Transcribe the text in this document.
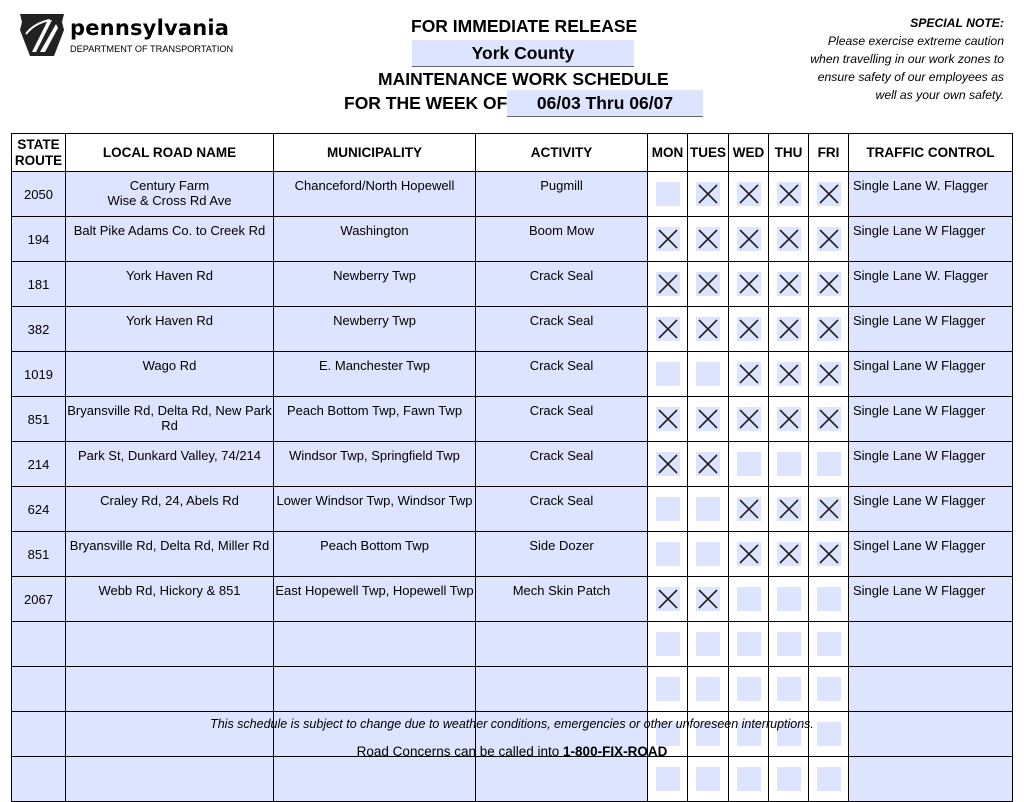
pennsylvania
DEPARTMENT OF TRANSPORTATION
FOR IMMEDIATE RELEASE
York County
MAINTENANCE WORK SCHEDULE
FOR THE WEEK OF	06/03 Thru 06/07
SPECIAL NOTE:
Please exercise extreme caution
when travelling in our work zones to
ensure safety of our employees as
well as your own safety.
STATE
ROUTE	LOCAL ROAD NAME	MUNICIPALITY	ACTIVITY	MON	TUES	WED	THU	FRI	TRAFFIC CONTROL
2050	Century Farm
Wise & Cross Rd Ave	Chanceford/North Hopewell	Pugmill						Single Lane W. Flagger
194	Balt Pike Adams Co. to Creek Rd	Washington	Boom Mow						Single Lane W Flagger
181	York Haven Rd	Newberry Twp	Crack Seal						Single Lane W. Flagger
382	York Haven Rd	Newberry Twp	Crack Seal						Single Lane W Flagger
1019	Wago Rd	E. Manchester Twp	Crack Seal						Singal Lane W Flagger
851	Bryansville Rd, Delta Rd, New Park Rd	Peach Bottom Twp, Fawn Twp	Crack Seal						Single Lane W Flagger
214	Park St, Dunkard Valley, 74/214	Windsor Twp, Springfield Twp	Crack Seal						Single Lane W Flagger
624	Craley Rd, 24, Abels Rd	Lower Windsor Twp, Windsor Twp	Crack Seal						Single Lane W Flagger
851	Bryansville Rd, Delta Rd, Miller Rd	Peach Bottom Twp	Side Dozer						Singel Lane W Flagger
2067	Webb Rd, Hickory & 851	East Hopewell Twp, Hopewell Twp	Mech Skin Patch						Single Lane W Flagger

This schedule is subject to change due to weather conditions, emergencies or other unforeseen interruptions.
Road Concerns can be called into 1-800-FIX-ROAD
